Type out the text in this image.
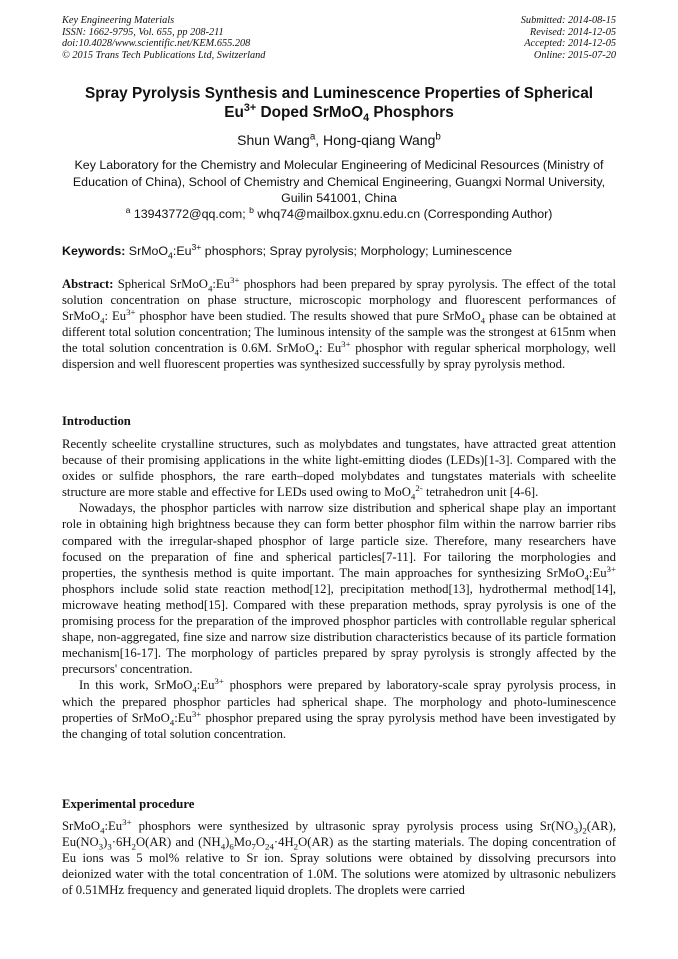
Key Engineering Materials
ISSN: 1662-9795, Vol. 655, pp 208-211
doi:10.4028/www.scientific.net/KEM.655.208
© 2015 Trans Tech Publications Ltd, Switzerland
Submitted: 2014-08-15
Revised: 2014-12-05
Accepted: 2014-12-05
Online: 2015-07-20
Spray Pyrolysis Synthesis and Luminescence Properties of Spherical
$Eu^{3+}$ Doped SrMoO$_4$ Phosphors
Shun Wang$^a$, Hong-qiang Wang$^b$
Key Laboratory for the Chemistry and Molecular Engineering of Medicinal Resources (Ministry of
Education of China), School of Chemistry and Chemical Engineering, Guangxi Normal University,
Guilin 541001, China
$^a$ 13943772@qq.com; $^b$ whq74@mailbox.gxnu.edu.cn (Corresponding Author)
Keywords: $SrMoO_4:Eu^{3+}$ phosphors; Spray pyrolysis; Morphology; Luminescence
Abstract: Spherical $SrMoO_4:Eu^{3+}$ phosphors had been prepared by spray pyrolysis. The effect of the total solution concentration on phase structure, microscopic morphology and fluorescent performances of SrMoO$_4$: $Eu^{3+}$ phosphor have been studied. The results showed that pure SrMoO$_4$ phase can be obtained at different total solution concentration; The luminous intensity of the sample was the strongest at 615nm when the total solution concentration is 0.6M. SrMoO$_4$: $Eu^{3+}$ phosphor with regular spherical morphology, well dispersion and well fluorescent properties was synthesized successfully by spray pyrolysis method.
Introduction

Recently scheelite crystalline structures, such as molybdates and tungstates, have attracted great attention because of their promising applications in the white light-emitting diodes (LEDs)[1-3]. Compared with the oxides or sulfide phosphors, the rare earth–doped molybdates and tungstates materials with scheelite structure are more stable and effective for LEDs used owing to MoO$_4^{2-}$ tetrahedron unit [4-6].

Nowadays, the phosphor particles with narrow size distribution and spherical shape play an important role in obtaining high brightness because they can form better phosphor film within the narrow barrier ribs compared with the irregular-shaped phosphor of large particle size. Therefore, many researchers have focused on the preparation of fine and spherical particles[7-11]. For tailoring the morphologies and properties, the synthesis method is quite important. The main approaches for synthesizing $SrMoO_4:Eu^{3+}$ phosphors include solid state reaction method[12], precipitation method[13], hydrothermal method[14], microwave heating method[15]. Compared with these preparation methods, spray pyrolysis is one of the promising process for the preparation of the improved phosphor particles with controllable regular spherical shape, non-aggregated, fine size and narrow size distribution characteristics because of its particle formation mechanism[16-17]. The morphology of particles prepared by spray pyrolysis is strongly affected by the precursors' concentration.

In this work, $SrMoO_4:Eu^{3+}$ phosphors were prepared by laboratory-scale spray pyrolysis process, in which the prepared phosphor particles had spherical shape. The morphology and photo-luminescence properties of $SrMoO_4:Eu^{3+}$ phosphor prepared using the spray pyrolysis method have been investigated by the changing of total solution concentration.

Experimental procedure

$SrMoO_4:Eu^{3+}$ phosphors were synthesized by ultrasonic spray pyrolysis process using $Sr(NO_3)_2(AR)$, $Eu(NO_3)_3\cdot 6H_2O(AR)$ and $(NH_4)_6Mo_7O_{24}\cdot 4H_2O(AR)$ as the starting materials. The doping concentration of Eu ions was 5 mol% relative to Sr ion. Spray solutions were obtained by dissolving precursors into deionized water with the total concentration of 1.0M. The solutions were atomized by ultrasonic nebulizers of 0.51MHz frequency and generated liquid droplets. The droplets were carried
